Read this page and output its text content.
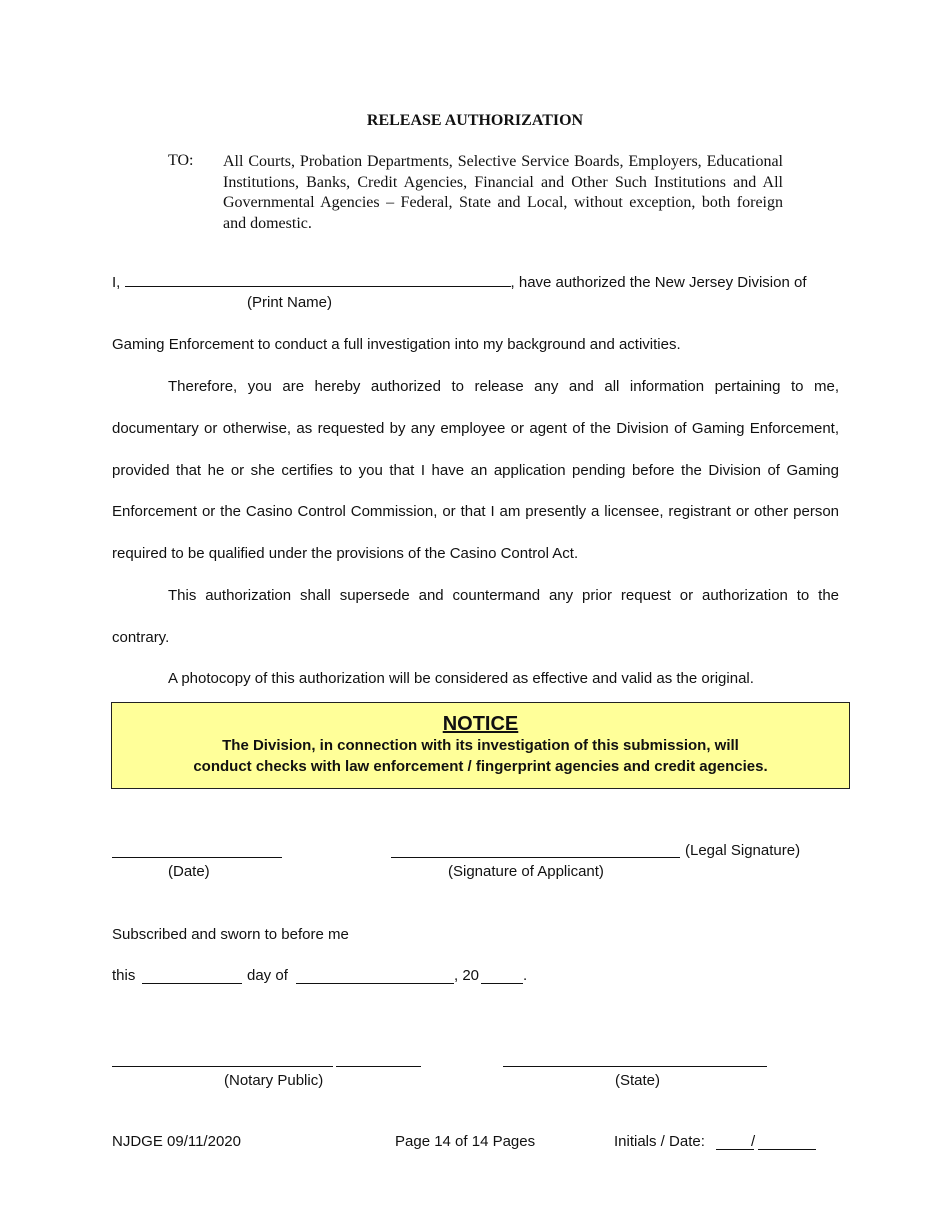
RELEASE AUTHORIZATION
TO: All Courts, Probation Departments, Selective Service Boards, Employers, Educational Institutions, Banks, Credit Agencies, Financial and Other Such Institutions and All Governmental Agencies – Federal, State and Local, without exception, both foreign and domestic.
I,	, have authorized the New Jersey Division of
(Print Name)
Gaming Enforcement to conduct a full investigation into my background and activities.
Therefore, you are hereby authorized to release any and all information pertaining to me, documentary or otherwise, as requested by any employee or agent of the Division of Gaming Enforcement, provided that he or she certifies to you that I have an application pending before the Division of Gaming Enforcement or the Casino Control Commission, or that I am presently a licensee, registrant or other person required to be qualified under the provisions of the Casino Control Act.
This authorization shall supersede and countermand any prior request or authorization to the contrary.
A photocopy of this authorization will be considered as effective and valid as the original.
NOTICE
The Division, in connection with its investigation of this submission, will
conduct checks with law enforcement / fingerprint agencies and credit agencies.
(Legal Signature)
(Date)	(Signature of Applicant)
Subscribed and sworn to before me
this	day of	, 20	.
(Notary Public)	(State)
NJDGE 09/11/2020	Page 14 of 14 Pages	Initials / Date:	/
